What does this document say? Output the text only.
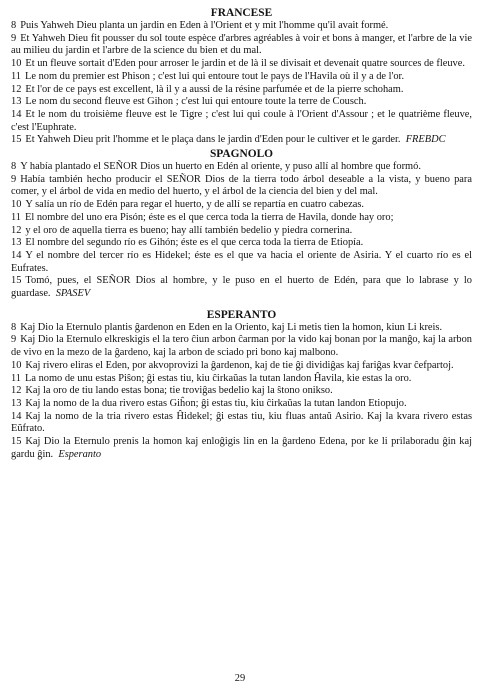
FRANCESE
8 Puis Yahweh Dieu planta un jardin en Eden à l'Orient et y mit l'homme qu'il avait formé.
9 Et Yahweh Dieu fit pousser du sol toute espèce d'arbres agréables à voir et bons à manger, et l'arbre de la vie au milieu du jardin et l'arbre de la science du bien et du mal.
10 Et un fleuve sortait d'Eden pour arroser le jardin et de là il se divisait et devenait quatre sources de fleuve.
11 Le nom du premier est Phison ; c'est lui qui entoure tout le pays de l'Havila où il y a de l'or.
12 Et l'or de ce pays est excellent, là il y a aussi de la résine parfumée et de la pierre schoham.
13 Le nom du second fleuve est Gihon ; c'est lui qui entoure toute la terre de Cousch.
14 Et le nom du troisième fleuve est le Tigre ; c'est lui qui coule à l'Orient d'Assour ; et le quatrième fleuve, c'est l'Euphrate.
15 Et Yahweh Dieu prit l'homme et le plaça dans le jardin d'Eden pour le cultiver et le garder. FREBDC
SPAGNOLO
8 Y había plantado el SEÑOR Dios un huerto en Edén al oriente, y puso allí al hombre que formó.
9 Había también hecho producir el SEÑOR Dios de la tierra todo árbol deseable a la vista, y bueno para comer, y el árbol de vida en medio del huerto, y el árbol de la ciencia del bien y del mal.
10 Y salía un río de Edén para regar el huerto, y de allí se repartía en cuatro cabezas.
11 El nombre del uno era Pisón; éste es el que cerca toda la tierra de Havila, donde hay oro;
12 y el oro de aquella tierra es bueno; hay allí también bedelio y piedra cornerina.
13 El nombre del segundo río es Gihón; éste es el que cerca toda la tierra de Etiopía.
14 Y el nombre del tercer río es Hidekel; éste es el que va hacia el oriente de Asiria. Y el cuarto río es el Eufrates.
15 Tomó, pues, el SEÑOR Dios al hombre, y le puso en el huerto de Edén, para que lo labrase y lo guardase. SPASEV
ESPERANTO
8 Kaj Dio la Eternulo plantis ĝardenon en Eden en la Oriento, kaj Li metis tien la homon, kiun Li kreis.
9 Kaj Dio la Eternulo elkreskigis el la tero ĉiun arbon ĉarman por la vido kaj bonan por la manĝo, kaj la arbon de vivo en la mezo de la ĝardeno, kaj la arbon de sciado pri bono kaj malbono.
10 Kaj rivero eliras el Eden, por akvoprovizi la ĝardenon, kaj de tie ĝi dividiĝas kaj fariĝas kvar ĉefpartoj.
11 La nomo de unu estas Piŝon; ĝi estas tiu, kiu ĉirkaŭas la tutan landon Ĥavila, kie estas la oro.
12 Kaj la oro de tiu lando estas bona; tie troviĝas bedelio kaj la ŝtono onikso.
13 Kaj la nomo de la dua rivero estas Giĥon; ĝi estas tiu, kiu ĉirkaŭas la tutan landon Etiopujo.
14 Kaj la nomo de la tria rivero estas Ĥidekel; ĝi estas tiu, kiu fluas antaŭ Asirio. Kaj la kvara rivero estas Eŭfrato.
15 Kaj Dio la Eternulo prenis la homon kaj enloĝigis lin en la ĝardeno Edena, por ke li prilaboradu ĝin kaj gardu ĝin. Esperanto
29
